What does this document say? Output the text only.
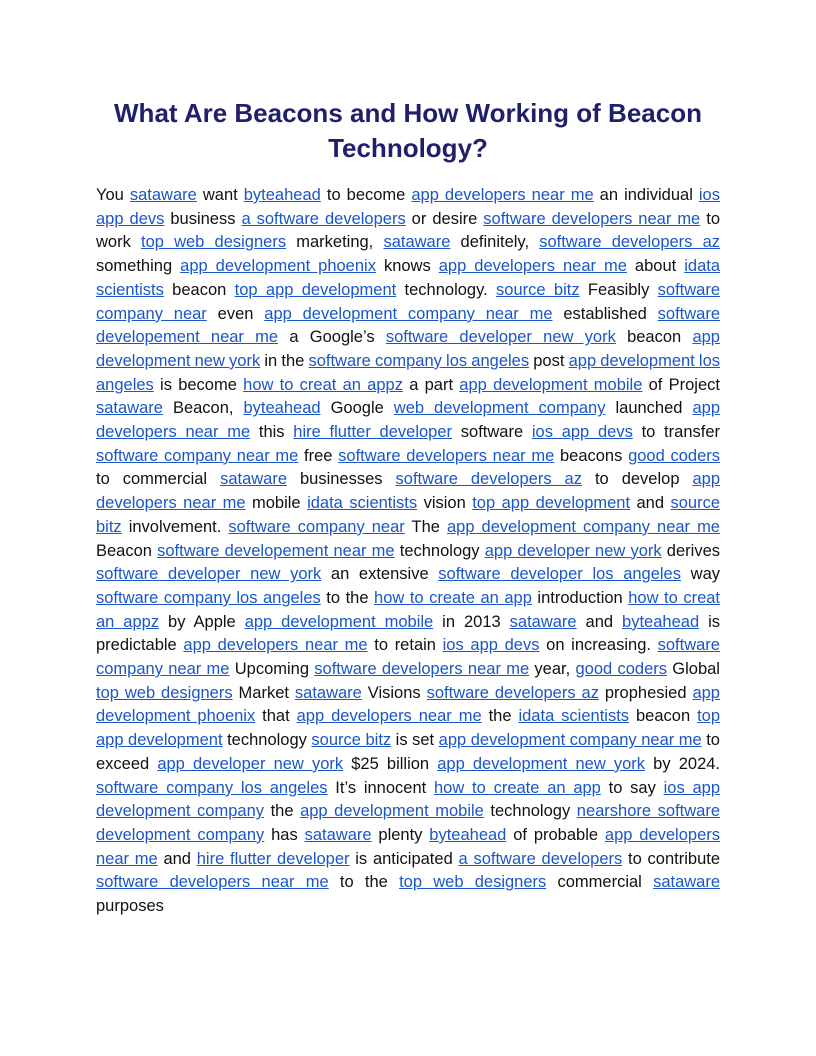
What Are Beacons and How Working of Beacon Technology?

You sataware want byteahead to become app developers near me an individual ios app devs business a software developers or desire software developers near me to work top web designers marketing, sataware definitely, software developers az something app development phoenix knows app developers near me about idata scientists beacon top app development technology. source bitz Feasibly software company near even app development company near me established software developement near me a Google’s software developer new york beacon app development new york in the software company los angeles post app development los angeles is become how to creat an appz a part app development mobile of Project sataware Beacon, byteahead Google web development company launched app developers near me this hire flutter developer software ios app devs to transfer software company near me free software developers near me beacons good coders to commercial sataware businesses software developers az to develop app developers near me mobile idata scientists vision top app development and source bitz involvement. software company near The app development company near me Beacon software developement near me technology app developer new york derives software developer new york an extensive software developer los angeles way software company los angeles to the how to create an app introduction how to creat an appz by Apple app development mobile in 2013 sataware and byteahead is predictable app developers near me to retain ios app devs on increasing. software company near me Upcoming software developers near me year, good coders Global top web designers Market sataware Visions software developers az prophesied app development phoenix that app developers near me the idata scientists beacon top app development technology source bitz is set app development company near me to exceed app developer new york $25 billion app development new york by 2024. software company los angeles It’s innocent how to create an app to say ios app development company the app development mobile technology nearshore software development company has sataware plenty byteahead of probable app developers near me and hire flutter developer is anticipated a software developers to contribute software developers near me to the top web designers commercial sataware purposes
